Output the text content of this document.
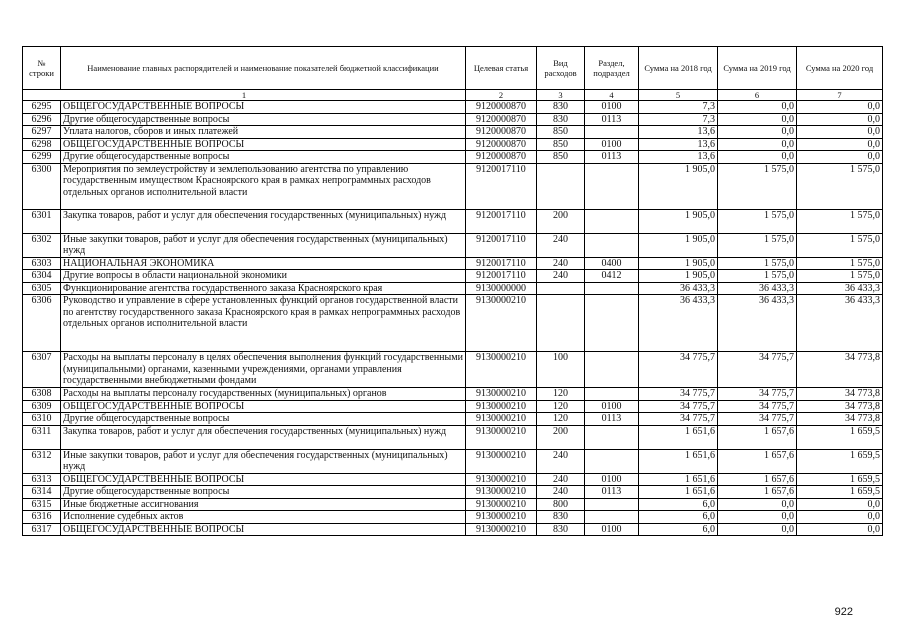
№ строки	Наименование главных распорядителей и наименование показателей бюджетной классификации	Целевая статья	Вид расходов	Раздел, подраздел	Сумма на 2018 год	Сумма на 2019 год	Сумма на 2020 год
1		2	3	4	5	6	7
6295	ОБЩЕГОСУДАРСТВЕННЫЕ ВОПРОСЫ	9120000870	830	0100	7,3	0,0	0,0
6296	Другие общегосударственные вопросы	9120000870	830	0113	7,3	0,0	0,0
6297	Уплата налогов, сборов и иных платежей	9120000870	850		13,6	0,0	0,0
6298	ОБЩЕГОСУДАРСТВЕННЫЕ ВОПРОСЫ	9120000870	850	0100	13,6	0,0	0,0
6299	Другие общегосударственные вопросы	9120000870	850	0113	13,6	0,0	0,0
6300	Мероприятия по землеустройству и землепользованию агентства по управлению государственным имуществом Красноярского края в рамках непрограммных расходов отдельных органов исполнительной власти	9120017110			1 905,0	1 575,0	1 575,0
6301	Закупка товаров, работ и услуг для обеспечения государственных (муниципальных) нужд	9120017110	200		1 905,0	1 575,0	1 575,0
6302	Иные закупки товаров, работ и услуг для обеспечения государственных (муниципальных) нужд	9120017110	240		1 905,0	1 575,0	1 575,0
6303	НАЦИОНАЛЬНАЯ ЭКОНОМИКА	9120017110	240	0400	1 905,0	1 575,0	1 575,0
6304	Другие вопросы в области национальной экономики	9120017110	240	0412	1 905,0	1 575,0	1 575,0
6305	Функционирование агентства государственного заказа Красноярского края	9130000000			36 433,3	36 433,3	36 433,3
6306	Руководство и управление в сфере установленных функций органов государственной власти по агентству государственного заказа Красноярского края в рамках непрограммных расходов отдельных органов исполнительной власти	9130000210			36 433,3	36 433,3	36 433,3
6307	Расходы на выплаты персоналу в целях обеспечения выполнения функций государственными (муниципальными) органами, казенными учреждениями, органами управления государственными внебюджетными фондами	9130000210	100		34 775,7	34 775,7	34 773,8
6308	Расходы на выплаты персоналу государственных (муниципальных) органов	9130000210	120		34 775,7	34 775,7	34 773,8
6309	ОБЩЕГОСУДАРСТВЕННЫЕ ВОПРОСЫ	9130000210	120	0100	34 775,7	34 775,7	34 773,8
6310	Другие общегосударственные вопросы	9130000210	120	0113	34 775,7	34 775,7	34 773,8
6311	Закупка товаров, работ и услуг для обеспечения государственных (муниципальных) нужд	9130000210	200		1 651,6	1 657,6	1 659,5
6312	Иные закупки товаров, работ и услуг для обеспечения государственных (муниципальных) нужд	9130000210	240		1 651,6	1 657,6	1 659,5
6313	ОБЩЕГОСУДАРСТВЕННЫЕ ВОПРОСЫ	9130000210	240	0100	1 651,6	1 657,6	1 659,5
6314	Другие общегосударственные вопросы	9130000210	240	0113	1 651,6	1 657,6	1 659,5
6315	Иные бюджетные ассигнования	9130000210	800		6,0	0,0	0,0
6316	Исполнение судебных актов	9130000210	830		6,0	0,0	0,0
6317	ОБЩЕГОСУДАРСТВЕННЫЕ ВОПРОСЫ	9130000210	830	0100	6,0	0,0	0,0
922
